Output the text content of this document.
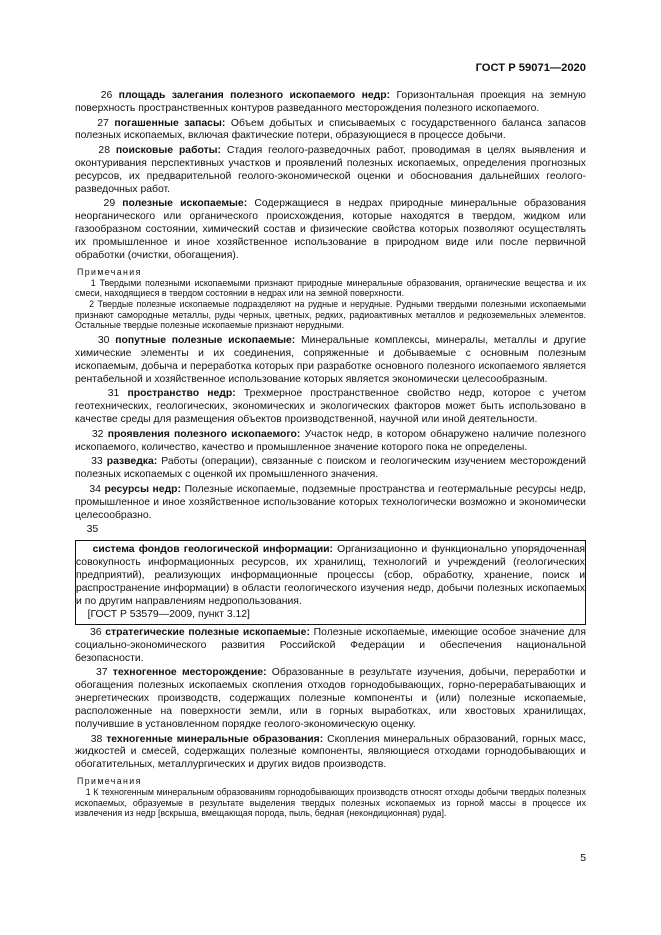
ГОСТ Р 59071—2020

26 площадь залегания полезного ископаемого недр: Горизонтальная проекция на земную поверхность пространственных контуров разведанного месторождения полезного ископаемого.

27 погашенные запасы: Объем добытых и списываемых с государственного баланса запасов полезных ископаемых, включая фактические потери, образующиеся в процессе добычи.

28 поисковые работы: Стадия геолого-разведочных работ, проводимая в целях выявления и оконтуривания перспективных участков и проявлений полезных ископаемых, определения прогнозных ресурсов, их предварительной геолого-экономической оценки и обоснования дальнейших геолого-разведочных работ.

29 полезные ископаемые: Содержащиеся в недрах природные минеральные образования неорганического или органического происхождения, которые находятся в твердом, жидком или газообразном состоянии, химический состав и физические свойства которых позволяют осуществлять их промышленное и иное хозяйственное использование в природном виде или после первичной обработки (очистки, обогащения).

Примечания

1 Твердыми полезными ископаемыми признают природные минеральные образования, органические вещества и их смеси, находящиеся в твердом состоянии в недрах или на земной поверхности.

2 Твердые полезные ископаемые подразделяют на рудные и нерудные. Рудными твердыми полезными ископаемыми признают самородные металлы, руды черных, цветных, редких, радиоактивных металлов и редкоземельных элементов. Остальные твердые полезные ископаемые признают нерудными.

30 попутные полезные ископаемые: Минеральные комплексы, минералы, металлы и другие химические элементы и их соединения, сопряженные и добываемые с основным полезным ископаемым, добыча и переработка которых при разработке основного полезного ископаемого является рентабельной и хозяйственное использование которых является экономически целесообразным.

31 пространство недр: Трехмерное пространственное свойство недр, которое с учетом геотехнических, геологических, экономических и экологических факторов может быть использовано в качестве среды для размещения объектов производственной, научной или иной деятельности.

32 проявления полезного ископаемого: Участок недр, в котором обнаружено наличие полезного ископаемого, количество, качество и промышленное значение которого пока не определены.

33 разведка: Работы (операции), связанные с поиском и геологическим изучением месторождений полезных ископаемых с оценкой их промышленного значения.

34 ресурсы недр: Полезные ископаемые, подземные пространства и геотермальные ресурсы недр, промышленное и иное хозяйственное использование которых технологически возможно и экономически целесообразно.

35

система фондов геологической информации: Организационно и функционально упорядоченная совокупность информационных ресурсов, их хранилищ, технологий и учреждений (геологических предприятий), реализующих информационные процессы (сбор, обработку, хранение, поиск и распространение информации) в области геологического изучения недр, добычи полезных ископаемых и по другим направлениям недропользования.

[ГОСТ Р 53579—2009, пункт 3.12]

36 стратегические полезные ископаемые: Полезные ископаемые, имеющие особое значение для социально-экономического развития Российской Федерации и обеспечения национальной безопасности.

37 техногенное месторождение: Образованные в результате изучения, добычи, переработки и обогащения полезных ископаемых скопления отходов горнодобывающих, горно-перерабатывающих и энергетических производств, содержащих полезные компоненты и (или) полезные ископаемые, расположенные на поверхности земли, или в горных выработках, или хвостовых хранилищах, получившие в установленном порядке геолого-экономическую оценку.

38 техногенные минеральные образования: Скопления минеральных образований, горных масс, жидкостей и смесей, содержащих полезные компоненты, являющиеся отходами горнодобывающих и обогатительных, металлургических и других видов производств.

Примечания

1 К техногенным минеральным образованиям горнодобывающих производств относят отходы добычи твердых полезных ископаемых, образуемые в результате выделения твердых полезных ископаемых из горной массы в процессе их извлечения из недр [вскрыша, вмещающая порода, пыль, бедная (некондиционная) руда].

5
